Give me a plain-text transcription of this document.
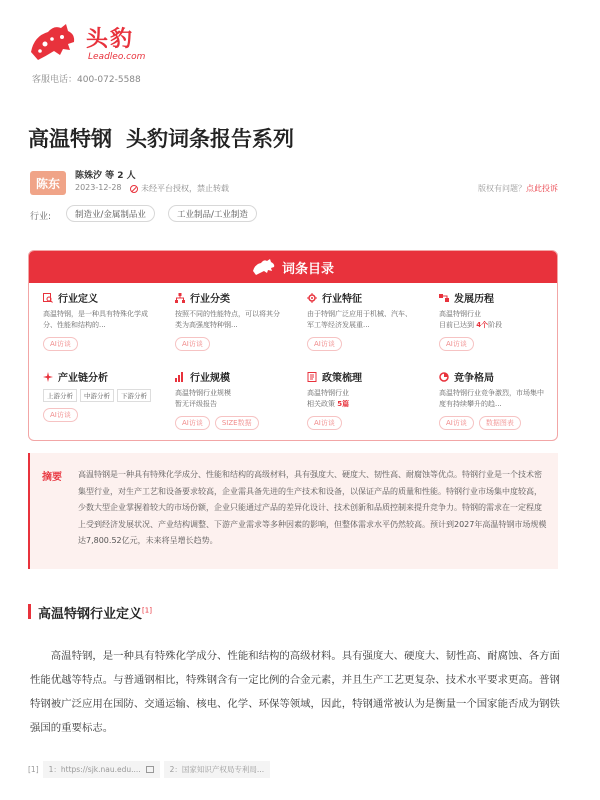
头豹
Leadleo.com
客服电话：400-072-5588
高温特钢 头豹词条报告系列
陈东
陈姝汐 等 2 人
2023-12-28 未经平台授权，禁止转载	版权有问题？点此投诉
行业:	制造业/金属制品业	工业制品/工业制造
词条目录
行业定义
高温特钢，是一种具有特殊化学成分、性能和结构的...
AI访谈
行业分类
按照不同的性能特点，可以将其分类为高强度特种钢...
AI访谈
行业特征
由于特钢广泛应用于机械、汽车、军工等经济发展重...
AI访谈
发展历程
高温特钢行业
目前已达到 4个阶段
AI访谈
产业链分析
上游分析	中游分析	下游分析
AI访谈
行业规模
高温特钢行业规模
暂无评级报告
AI访谈	SIZE数据
政策梳理
高温特钢行业
相关政策 5篇
AI访谈
竞争格局
高温特钢行业竞争激烈，市场集中度有持续攀升的趋...
AI访谈	数据图表
摘要 高温特钢是一种具有特殊化学成分、性能和结构的高级材料，具有强度大、硬度大、韧性高、耐腐蚀等优点。特钢行业是一个技术密集型行业，对生产工艺和设备要求较高，企业需具备先进的生产技术和设备，以保证产品的质量和性能。特钢行业市场集中度较高，少数大型企业掌握着较大的市场份额，企业只能通过产品的差异化设计、技术创新和品质控制来提升竞争力。特钢的需求在一定程度上受到经济发展状况、产业结构调整、下游产业需求等多种因素的影响，但整体需求水平仍然较高。预计到2027年高温特钢市场规模达7,800.52亿元，未来将呈增长趋势。
高温特钢行业定义[1]
高温特钢，是一种具有特殊化学成分、性能和结构的高级材料。具有强度大、硬度大、韧性高、耐腐蚀、各方面性能优越等特点。与普通钢相比，特殊钢含有一定比例的合金元素，并且生产工艺更复杂、技术水平要求更高。普钢特钢被广泛应用在国防、交通运输、核电、化学、环保等领域，因此，特钢通常被认为是衡量一个国家能否成为钢铁强国的重要标志。
[1] 1：https://sjk.nau.edu....	2：国家知识产权局专利局...
